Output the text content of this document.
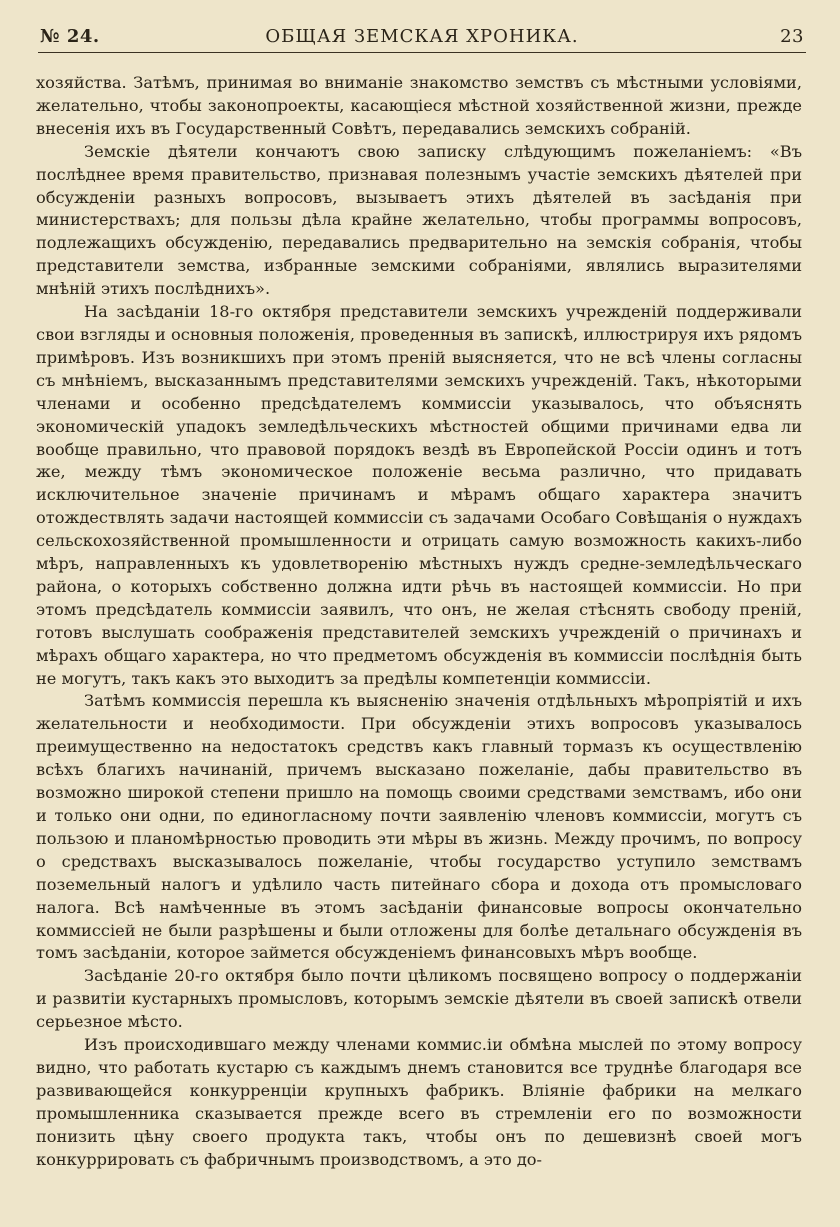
№ 24.	ОБЩАЯ ЗЕМСКАЯ ХРОНИКА.	23

хозяйства. Затѣмъ, принимая во вниманіе знакомство земствъ съ мѣстными условіями, желательно, чтобы законопроекты, касающіеся мѣстной хозяйственной жизни, прежде внесенія ихъ въ Государственный Совѣтъ, передавались земскихъ собраній.

Земскіе дѣятели кончаютъ свою записку слѣдующимъ пожеланіемъ: «Въ послѣднее время правительство, признавая полезнымъ участіе земскихъ дѣятелей при обсужденіи разныхъ вопросовъ, вызываетъ этихъ дѣятелей въ засѣданія при министерствахъ; для пользы дѣла крайне желательно, чтобы программы вопросовъ, подлежащихъ обсужденію, передавались предварительно на земскія собранія, чтобы представители земства, избранные земскими собраніями, являлись выразителями мнѣній этихъ послѣднихъ».

На засѣданіи 18-го октября представители земскихъ учрежденій поддерживали свои взгляды и основныя положенія, проведенныя въ запискѣ, иллюстрируя ихъ рядомъ примѣровъ. Изъ возникшихъ при этомъ преній выясняется, что не всѣ члены согласны съ мнѣніемъ, высказаннымъ представителями земскихъ учрежденій. Такъ, нѣкоторыми членами и особенно предсѣдателемъ коммиссіи указывалось, что объяснять экономическій упадокъ земледѣльческихъ мѣстностей общими причинами едва ли вообще правильно, что правовой порядокъ вездѣ въ Европейской Россіи одинъ и тотъ же, между тѣмъ экономическое положеніе весьма различно, что придавать исключительное значеніе причинамъ и мѣрамъ общаго характера значитъ отождествлять задачи настоящей коммиссіи съ задачами Особаго Совѣщанія о нуждахъ сельскохозяйственной промышленности и отрицать самую возможность какихъ-либо мѣръ, направленныхъ къ удовлетворенію мѣстныхъ нуждъ средне-земледѣльческаго района, о которыхъ собственно должна идти рѣчь въ настоящей коммиссіи. Но при этомъ предсѣдатель коммиссіи заявилъ, что онъ, не желая стѣснять свободу преній, готовъ выслушать соображенія представителей земскихъ учрежденій о причинахъ и мѣрахъ общаго характера, но что предметомъ обсужденія въ коммиссіи послѣднія быть не могутъ, такъ какъ это выходитъ за предѣлы компетенціи коммиссіи.

Затѣмъ коммиссія перешла къ выясненію значенія отдѣльныхъ мѣропріятій и ихъ желательности и необходимости. При обсужденіи этихъ вопросовъ указывалось преимущественно на недостатокъ средствъ какъ главный тормазъ къ осуществленію всѣхъ благихъ начинаній, причемъ высказано пожеланіе, дабы правительство въ возможно широкой степени пришло на помощь своими средствами земствамъ, ибо они и только они одни, по единогласному почти заявленію членовъ коммиссіи, могутъ съ пользою и планомѣрностью проводить эти мѣры въ жизнь. Между прочимъ, по вопросу о средствахъ высказывалось пожеланіе, чтобы государство уступило земствамъ поземельный налогъ и удѣлило часть питейнаго сбора и дохода отъ промысловаго налога. Всѣ намѣченные въ этомъ засѣданіи финансовые вопросы окончательно коммиссіей не были разрѣшены и были отложены для болѣе детальнаго обсужденія въ томъ засѣданіи, которое займется обсужденіемъ финансовыхъ мѣръ вообще.

Засѣданіе 20-го октября было почти цѣликомъ посвящено вопросу о поддержаніи и развитіи кустарныхъ промысловъ, которымъ земскіе дѣятели въ своей запискѣ отвели серьезное мѣсто.

Изъ происходившаго между членами коммис.іи обмѣна мыслей по этому вопросу видно, что работать кустарю съ каждымъ днемъ становится все труднѣе благодаря все развивающейся конкурренціи крупныхъ фабрикъ. Вліяніе фабрики на мелкаго промышленника сказывается прежде всего въ стремленіи его по возможности понизить цѣну своего продукта такъ, чтобы онъ по дешевизнѣ своей могъ конкуррировать съ фабричнымъ производствомъ, а это до-
